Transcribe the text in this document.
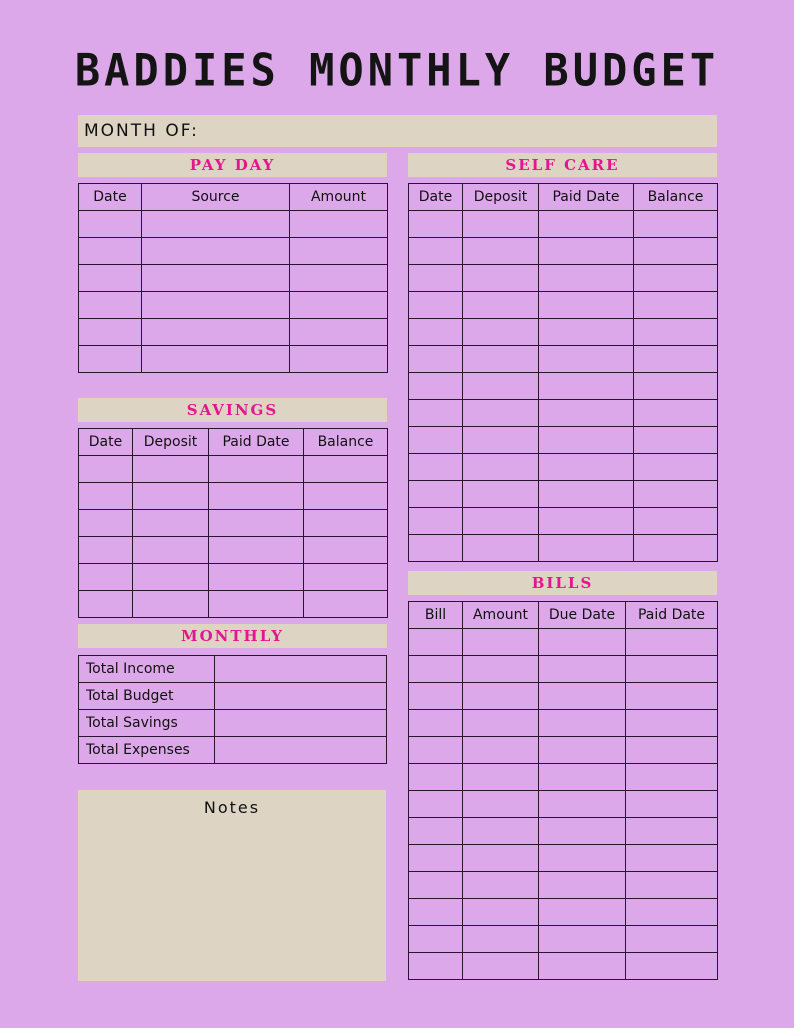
BADDIES MONTHLY BUDGET
MONTH OF:
PAY DAY
Date	Source	Amount

SELF CARE
Date	Deposit	Paid Date	Balance

SAVINGS
Date	Deposit	Paid Date	Balance

MONTHLY
Total Income	
Total Budget	
Total Savings	
Total Expenses	
Notes
BILLS
Bill	Amount	Due Date	Paid Date
